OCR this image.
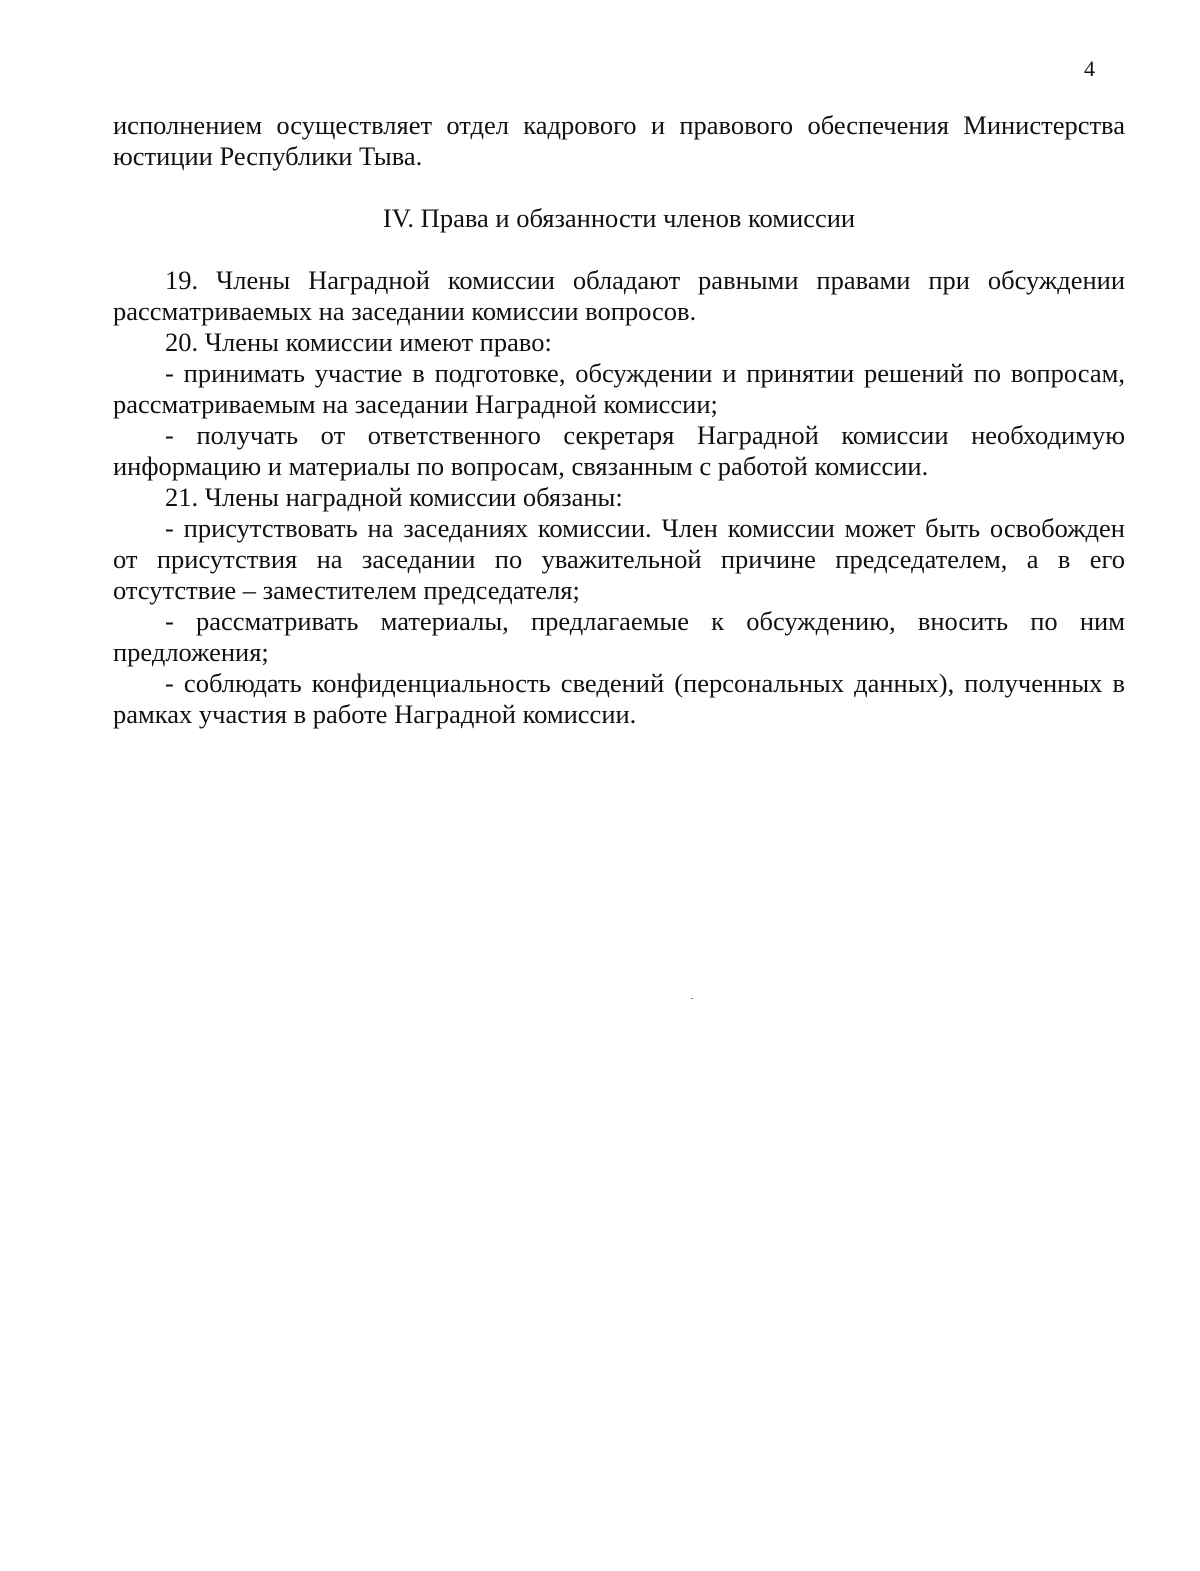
4

исполнением осуществляет отдел кадрового и правового обеспечения Министерства юстиции Республики Тыва.

IV. Права и обязанности членов комиссии

19. Члены Наградной комиссии обладают равными правами при обсуждении рассматриваемых на заседании комиссии вопросов.

20. Члены комиссии имеют право:

- принимать участие в подготовке, обсуждении и принятии решений по вопросам, рассматриваемым на заседании Наградной комиссии;

- получать от ответственного секретаря Наградной комиссии необходимую информацию и материалы по вопросам, связанным с работой комиссии.

21. Члены наградной комиссии обязаны:

- присутствовать на заседаниях комиссии. Член комиссии может быть освобожден от присутствия на заседании по уважительной причине председателем, а в его отсутствие – заместителем председателя;

- рассматривать материалы, предлагаемые к обсуждению, вносить по ним предложения;

- соблюдать конфиденциальность сведений (персональных данных), полученных в рамках участия в работе Наградной комиссии.
